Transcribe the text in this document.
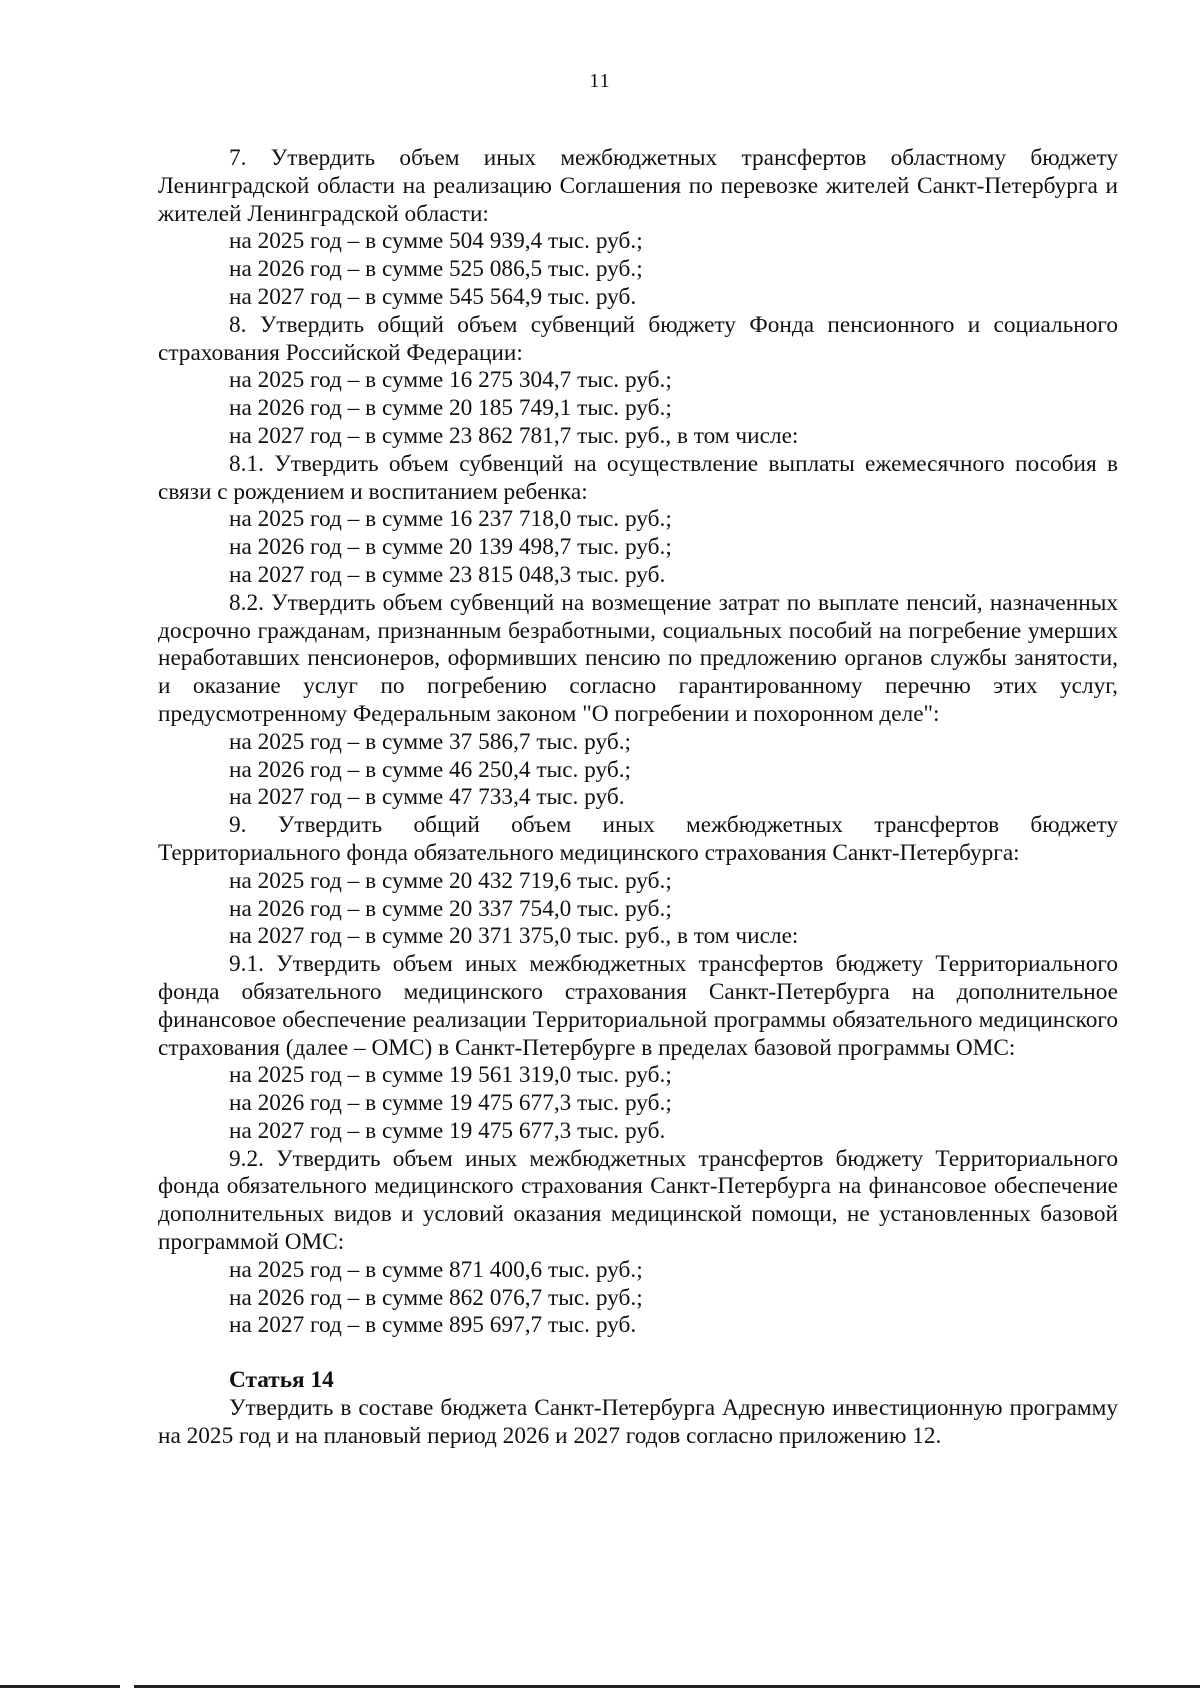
11

7. Утвердить объем иных межбюджетных трансфертов областному бюджету Ленинградской области на реализацию Соглашения по перевозке жителей Санкт-Петербурга и жителей Ленинградской области:

на 2025 год – в сумме 504 939,4 тыс. руб.;

на 2026 год – в сумме 525 086,5 тыс. руб.;

на 2027 год – в сумме 545 564,9 тыс. руб.

8. Утвердить общий объем субвенций бюджету Фонда пенсионного и социального страхования Российской Федерации:

на 2025 год – в сумме 16 275 304,7 тыс. руб.;

на 2026 год – в сумме 20 185 749,1 тыс. руб.;

на 2027 год – в сумме 23 862 781,7 тыс. руб., в том числе:

8.1. Утвердить объем субвенций на осуществление выплаты ежемесячного пособия в связи с рождением и воспитанием ребенка:

на 2025 год – в сумме 16 237 718,0 тыс. руб.;

на 2026 год – в сумме 20 139 498,7 тыс. руб.;

на 2027 год – в сумме 23 815 048,3 тыс. руб.

8.2. Утвердить объем субвенций на возмещение затрат по выплате пенсий, назначенных досрочно гражданам, признанным безработными, социальных пособий на погребение умерших неработавших пенсионеров, оформивших пенсию по предложению органов службы занятости, и оказание услуг по погребению согласно гарантированному перечню этих услуг, предусмотренному Федеральным законом "О погребении и похоронном деле":

на 2025 год – в сумме 37 586,7 тыс. руб.;

на 2026 год – в сумме 46 250,4 тыс. руб.;

на 2027 год – в сумме 47 733,4 тыс. руб.

9. Утвердить общий объем иных межбюджетных трансфертов бюджету Территориального фонда обязательного медицинского страхования Санкт-Петербурга:

на 2025 год – в сумме 20 432 719,6 тыс. руб.;

на 2026 год – в сумме 20 337 754,0 тыс. руб.;

на 2027 год – в сумме 20 371 375,0 тыс. руб., в том числе:

9.1. Утвердить объем иных межбюджетных трансфертов бюджету Территориального фонда обязательного медицинского страхования Санкт-Петербурга на дополнительное финансовое обеспечение реализации Территориальной программы обязательного медицинского страхования (далее – ОМС) в Санкт-Петербурге в пределах базовой программы ОМС:

на 2025 год – в сумме 19 561 319,0 тыс. руб.;

на 2026 год – в сумме 19 475 677,3 тыс. руб.;

на 2027 год – в сумме 19 475 677,3 тыс. руб.

9.2. Утвердить объем иных межбюджетных трансфертов бюджету Территориального фонда обязательного медицинского страхования Санкт-Петербурга на финансовое обеспечение дополнительных видов и условий оказания медицинской помощи, не установленных базовой программой ОМС:

на 2025 год – в сумме 871 400,6 тыс. руб.;

на 2026 год – в сумме 862 076,7 тыс. руб.;

на 2027 год – в сумме 895 697,7 тыс. руб.

Статья 14

Утвердить в составе бюджета Санкт-Петербурга Адресную инвестиционную программу на 2025 год и на плановый период 2026 и 2027 годов согласно приложению 12.
